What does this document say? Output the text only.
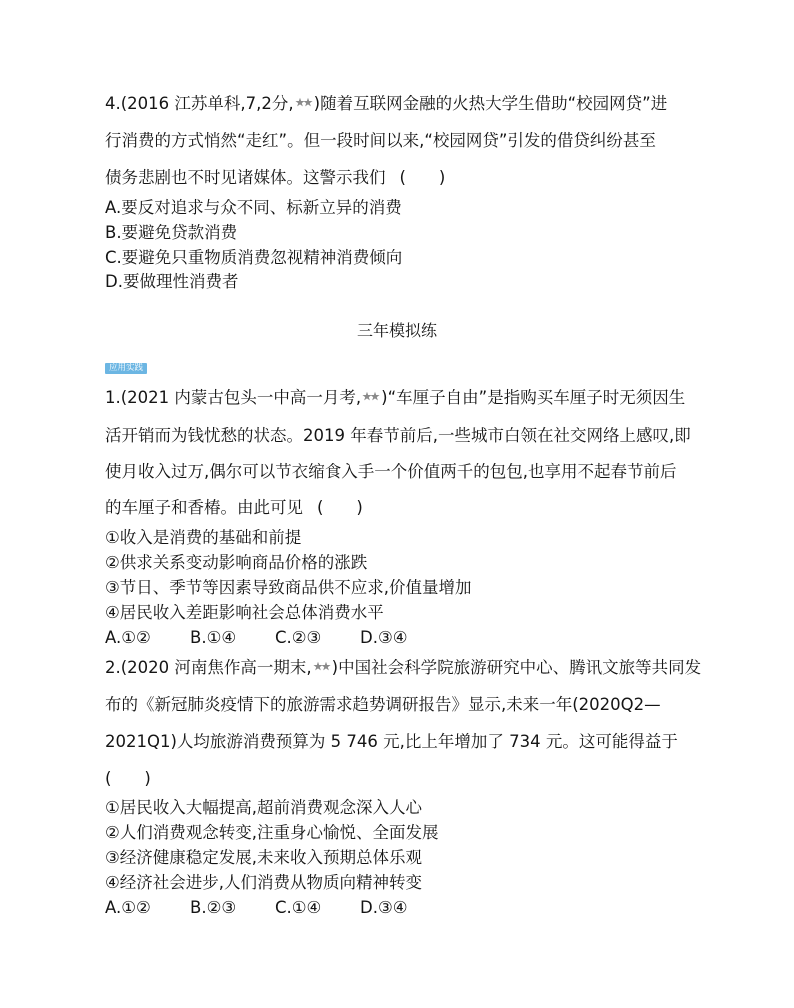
4.(2016 江苏单科,7,2分, )随着互联网金融的火热大学生借助“校园网贷”进
行消费的方式悄然“走红”。但一段时间以来,“校园网贷”引发的借贷纠纷甚至
债务悲剧也不时见诸媒体。这警示我们 (　　)
A.要反对追求与众不同、标新立异的消费
B.要避免贷款消费
C.要避免只重物质消费忽视精神消费倾向
D.要做理性消费者
三年模拟练
应用实践
1.(2021 内蒙古包头一中高一月考, )“车厘子自由”是指购买车厘子时无须因生
活开销而为钱忧愁的状态。2019 年春节前后,一些城市白领在社交网络上感叹,即
使月收入过万,偶尔可以节衣缩食入手一个价值两千的包包,也享用不起春节前后
的车厘子和香椿。由此可见 (　　)
①收入是消费的基础和前提
②供求关系变动影响商品价格的涨跌
③节日、季节等因素导致商品供不应求,价值量增加
④居民收入差距影响社会总体消费水平
A.①② B.①④ C.②③ D.③④
2.(2020 河南焦作高一期末, )中国社会科学院旅游研究中心、腾讯文旅等共同发
布的《新冠肺炎疫情下的旅游需求趋势调研报告》显示,未来一年(2020Q2—
2021Q1)人均旅游消费预算为 5 746 元,比上年增加了 734 元。这可能得益于
(　　)
①居民收入大幅提高,超前消费观念深入人心
②人们消费观念转变,注重身心愉悦、全面发展
③经济健康稳定发展,未来收入预期总体乐观
④经济社会进步,人们消费从物质向精神转变
A.①② B.②③ C.①④ D.③④
